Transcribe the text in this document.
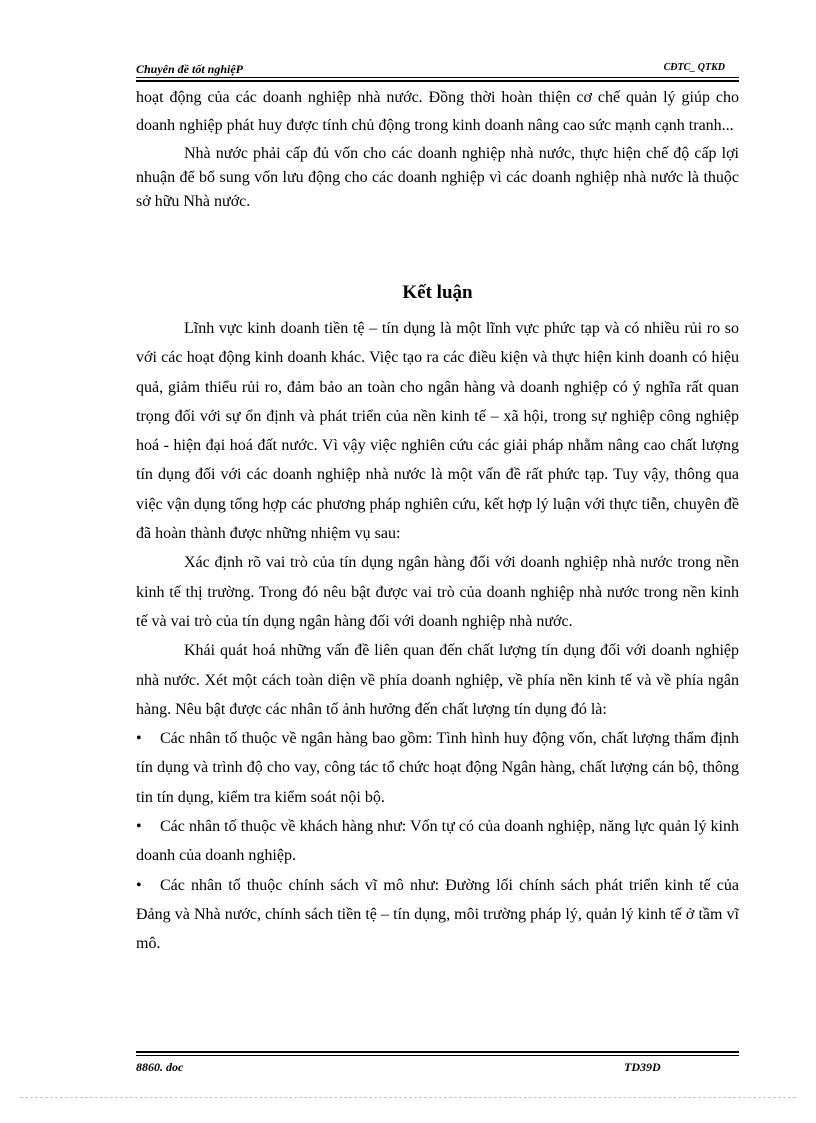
Chuyên đề tốt nghiệP	CĐTC_ QTKD

hoạt động của các doanh nghiệp nhà nước. Đồng thời hoàn thiện cơ chế quản lý giúp cho doanh nghiệp phát huy được tính chủ động trong kinh doanh nâng cao sức mạnh cạnh tranh...

Nhà nước phải cấp đủ vốn cho các doanh nghiệp nhà nước, thực hiện chế độ cấp lợi nhuận để bổ sung vốn lưu động cho các doanh nghiệp vì các doanh nghiệp nhà nước là thuộc sở hữu Nhà nước.

Kết luận

Lĩnh vực kinh doanh tiền tệ – tín dụng là một lĩnh vực phức tạp và có nhiều rủi ro so với các hoạt động kinh doanh khác. Việc tạo ra các điều kiện và thực hiện kinh doanh có hiệu quả, giảm thiểu rủi ro, đảm bảo an toàn cho ngân hàng và doanh nghiệp có ý nghĩa rất quan trọng đối với sự ổn định và phát triển của nền kinh tế – xã hội, trong sự nghiệp công nghiệp hoá - hiện đại hoá đất nước. Vì vậy việc nghiên cứu các giải pháp nhằm nâng cao chất lượng tín dụng đối với các doanh nghiệp nhà nước là một vấn đề rất phức tạp. Tuy vậy, thông qua việc vận dụng tổng hợp các phương pháp nghiên cứu, kết hợp lý luận với thực tiễn, chuyên đề đã hoàn thành được những nhiệm vụ sau:

Xác định rõ vai trò của tín dụng ngân hàng đối với doanh nghiệp nhà nước trong nền kinh tế thị trường. Trong đó nêu bật được vai trò của doanh nghiệp nhà nước trong nền kinh tế và vai trò của tín dụng ngân hàng đối với doanh nghiệp nhà nước.

Khái quát hoá những vấn đề liên quan đến chất lượng tín dụng đối với doanh nghiệp nhà nước. Xét một cách toàn diện về phía doanh nghiệp, về phía nền kinh tế và về phía ngân hàng. Nêu bật được các nhân tố ảnh hưởng đến chất lượng tín dụng đó là:

• Các nhân tố thuộc về ngân hàng bao gồm: Tình hình huy động vốn, chất lượng thẩm định tín dụng và trình độ cho vay, công tác tổ chức hoạt động Ngân hàng, chất lượng cán bộ, thông tin tín dụng, kiểm tra kiểm soát nội bộ.

• Các nhân tố thuộc về khách hàng như: Vốn tự có của doanh nghiệp, năng lực quản lý kinh doanh của doanh nghiệp.

• Các nhân tố thuộc chính sách vĩ mô như: Đường lối chính sách phát triển kinh tế của Đảng và Nhà nước, chính sách tiền tệ – tín dụng, môi trường pháp lý, quản lý kinh tế ở tầm vĩ mô.

8860. doc	TD39D
